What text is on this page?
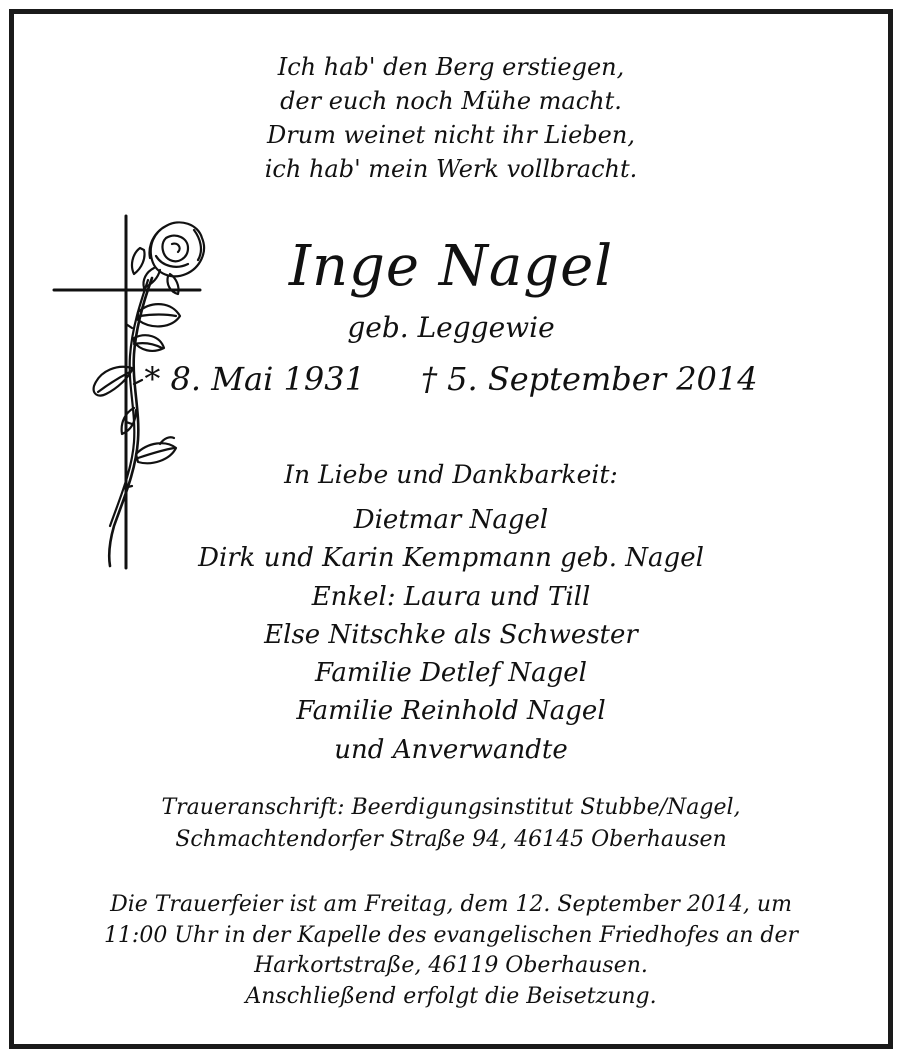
Ich hab' den Berg erstiegen,
der euch noch Mühe macht.
Drum weinet nicht ihr Lieben,
ich hab' mein Werk vollbracht.
Inge Nagel
geb. Leggewie
* 8. Mai 1931 † 5. September 2014
In Liebe und Dankbarkeit:
Dietmar Nagel
Dirk und Karin Kempmann geb. Nagel
Enkel: Laura und Till
Else Nitschke als Schwester
Familie Detlef Nagel
Familie Reinhold Nagel
und Anverwandte
Traueranschrift: Beerdigungsinstitut Stubbe/Nagel,
Schmachtendorfer Straße 94, 46145 Oberhausen
Die Trauerfeier ist am Freitag, dem 12. September 2014, um
11:00 Uhr in der Kapelle des evangelischen Friedhofes an der
Harkortstraße, 46119 Oberhausen.
Anschließend erfolgt die Beisetzung.
